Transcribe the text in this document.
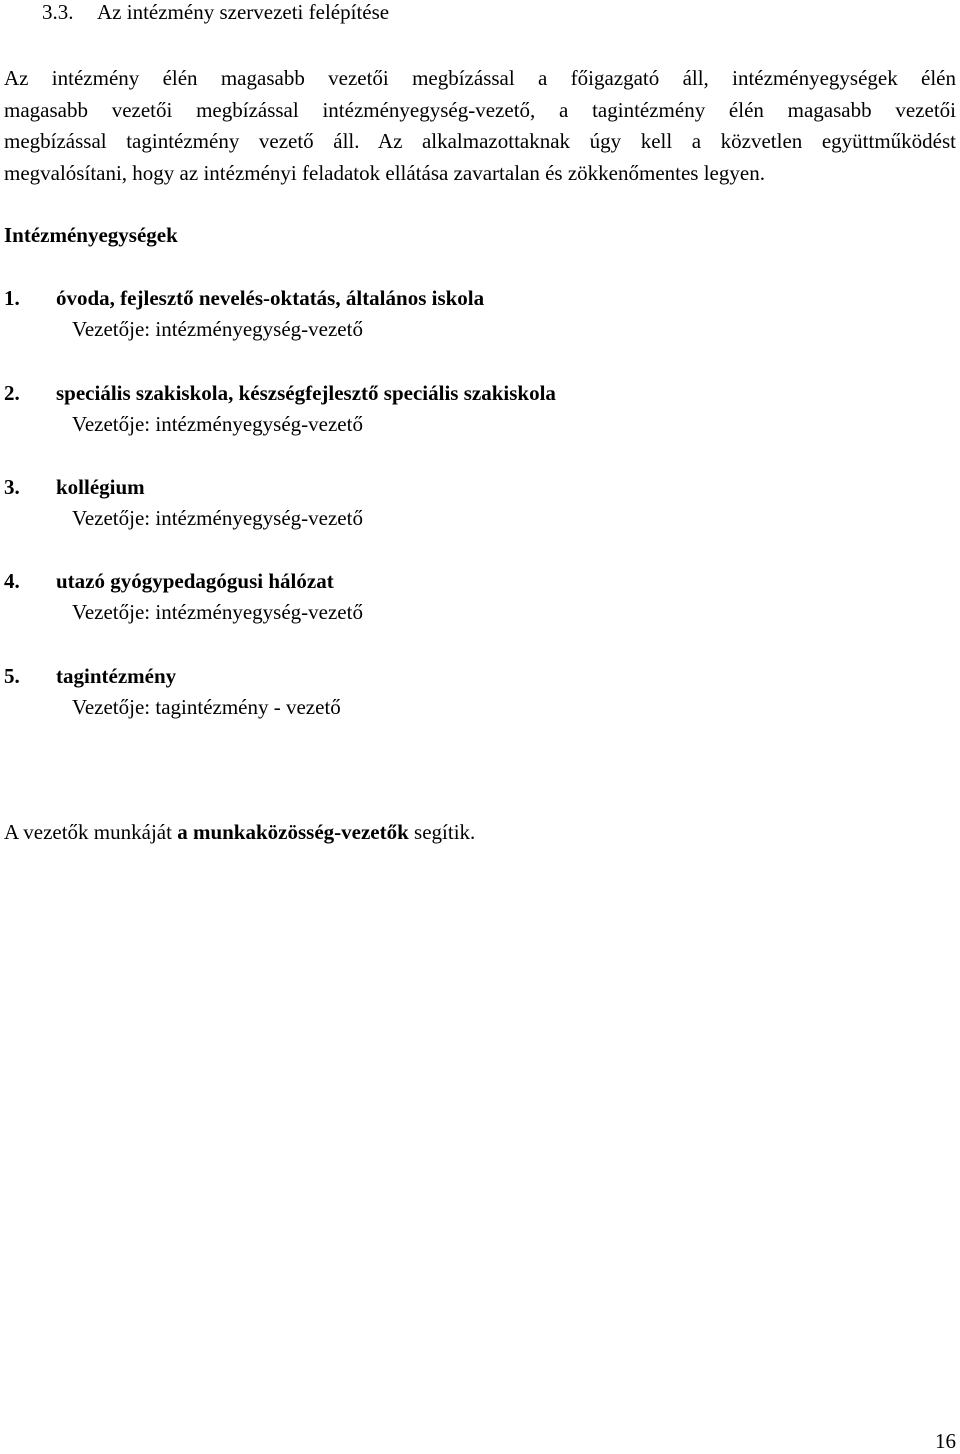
3.3. Az intézmény szervezeti felépítése

Az intézmény élén magasabb vezetői megbízással a főigazgató áll, intézményegységek élén
magasabb vezetői megbízással intézményegység-vezető, a tagintézmény élén magasabb vezetői
megbízással tagintézmény vezető áll. Az alkalmazottaknak úgy kell a közvetlen együttműködést
megvalósítani, hogy az intézményi feladatok ellátása zavartalan és zökkenőmentes legyen.

Intézményegységek
1. óvoda, fejlesztő nevelés-oktatás, általános iskola
Vezetője: intézményegység-vezető
2. speciális szakiskola, készségfejlesztő speciális szakiskola
Vezetője: intézményegység-vezető
3. kollégium
Vezetője: intézményegység-vezető
4. utazó gyógypedagógusi hálózat
Vezetője: intézményegység-vezető
5. tagintézmény
Vezetője: tagintézmény - vezető
A vezetők munkáját a munkaközösség-vezetők segítik.
16
